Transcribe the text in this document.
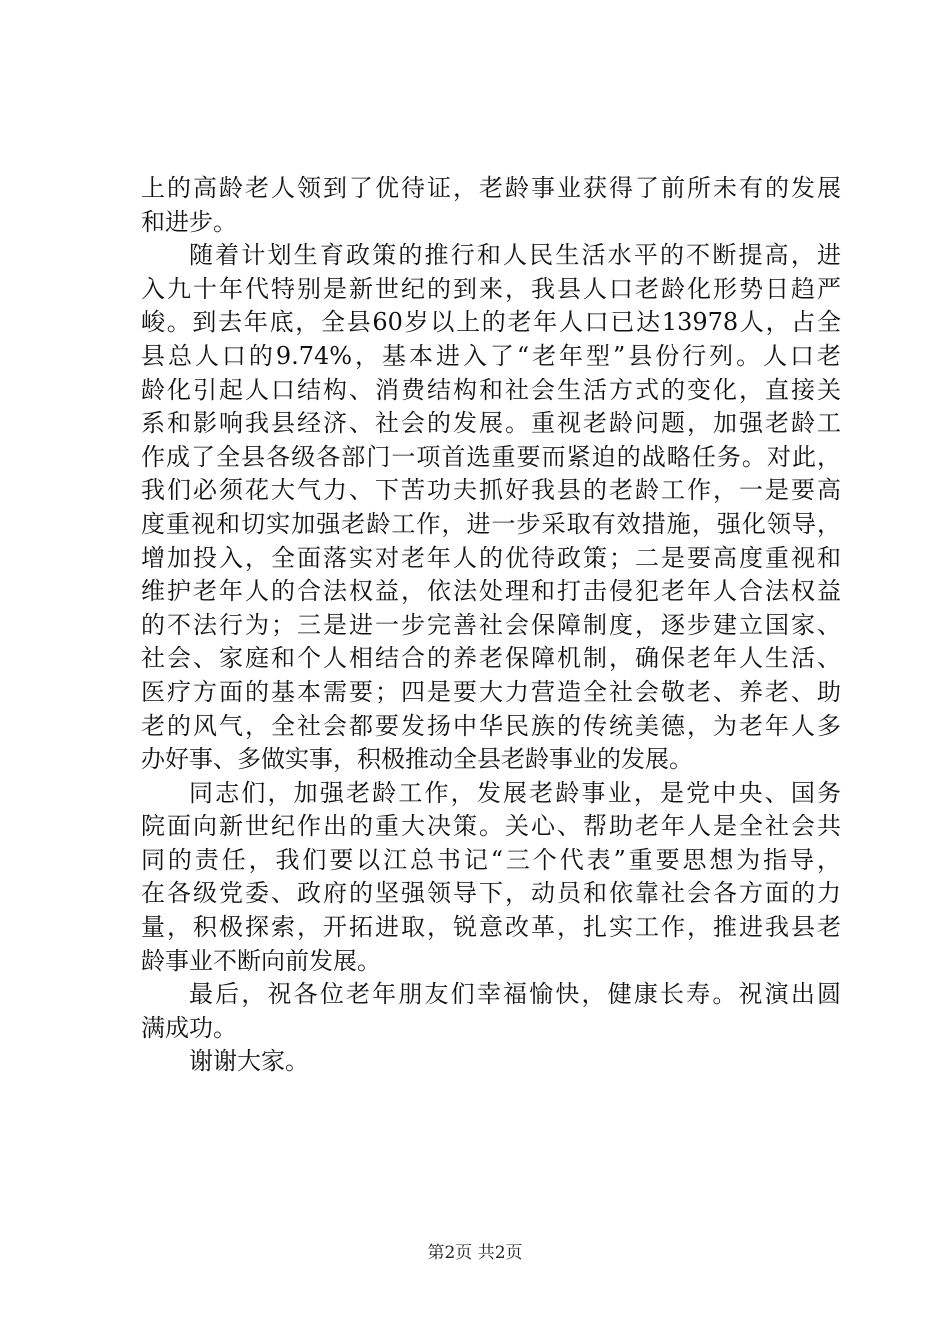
上的高龄老人领到了优待证，老龄事业获得了前所未有的发展
和进步。
随着计划生育政策的推行和人民生活水平的不断提高，进
入九十年代特别是新世纪的到来，我县人口老龄化形势日趋严
峻。到去年底，全县60岁以上的老年人口已达13978人，占全
县总人口的9.74%，基本进入了“老年型”县份行列。人口老
龄化引起人口结构、消费结构和社会生活方式的变化，直接关
系和影响我县经济、社会的发展。重视老龄问题，加强老龄工
作成了全县各级各部门一项首选重要而紧迫的战略任务。对此，
我们必须花大气力、下苦功夫抓好我县的老龄工作，一是要高
度重视和切实加强老龄工作，进一步采取有效措施，强化领导，
增加投入，全面落实对老年人的优待政策；二是要高度重视和
维护老年人的合法权益，依法处理和打击侵犯老年人合法权益
的不法行为；三是进一步完善社会保障制度，逐步建立国家、
社会、家庭和个人相结合的养老保障机制，确保老年人生活、
医疗方面的基本需要；四是要大力营造全社会敬老、养老、助
老的风气，全社会都要发扬中华民族的传统美德，为老年人多
办好事、多做实事，积极推动全县老龄事业的发展。
同志们，加强老龄工作，发展老龄事业，是党中央、国务
院面向新世纪作出的重大决策。关心、帮助老年人是全社会共
同的责任，我们要以江总书记“三个代表”重要思想为指导，
在各级党委、政府的坚强领导下，动员和依靠社会各方面的力
量，积极探索，开拓进取，锐意改革，扎实工作，推进我县老
龄事业不断向前发展。
最后，祝各位老年朋友们幸福愉快，健康长寿。祝演出圆
满成功。
谢谢大家。
第2页 共2页
